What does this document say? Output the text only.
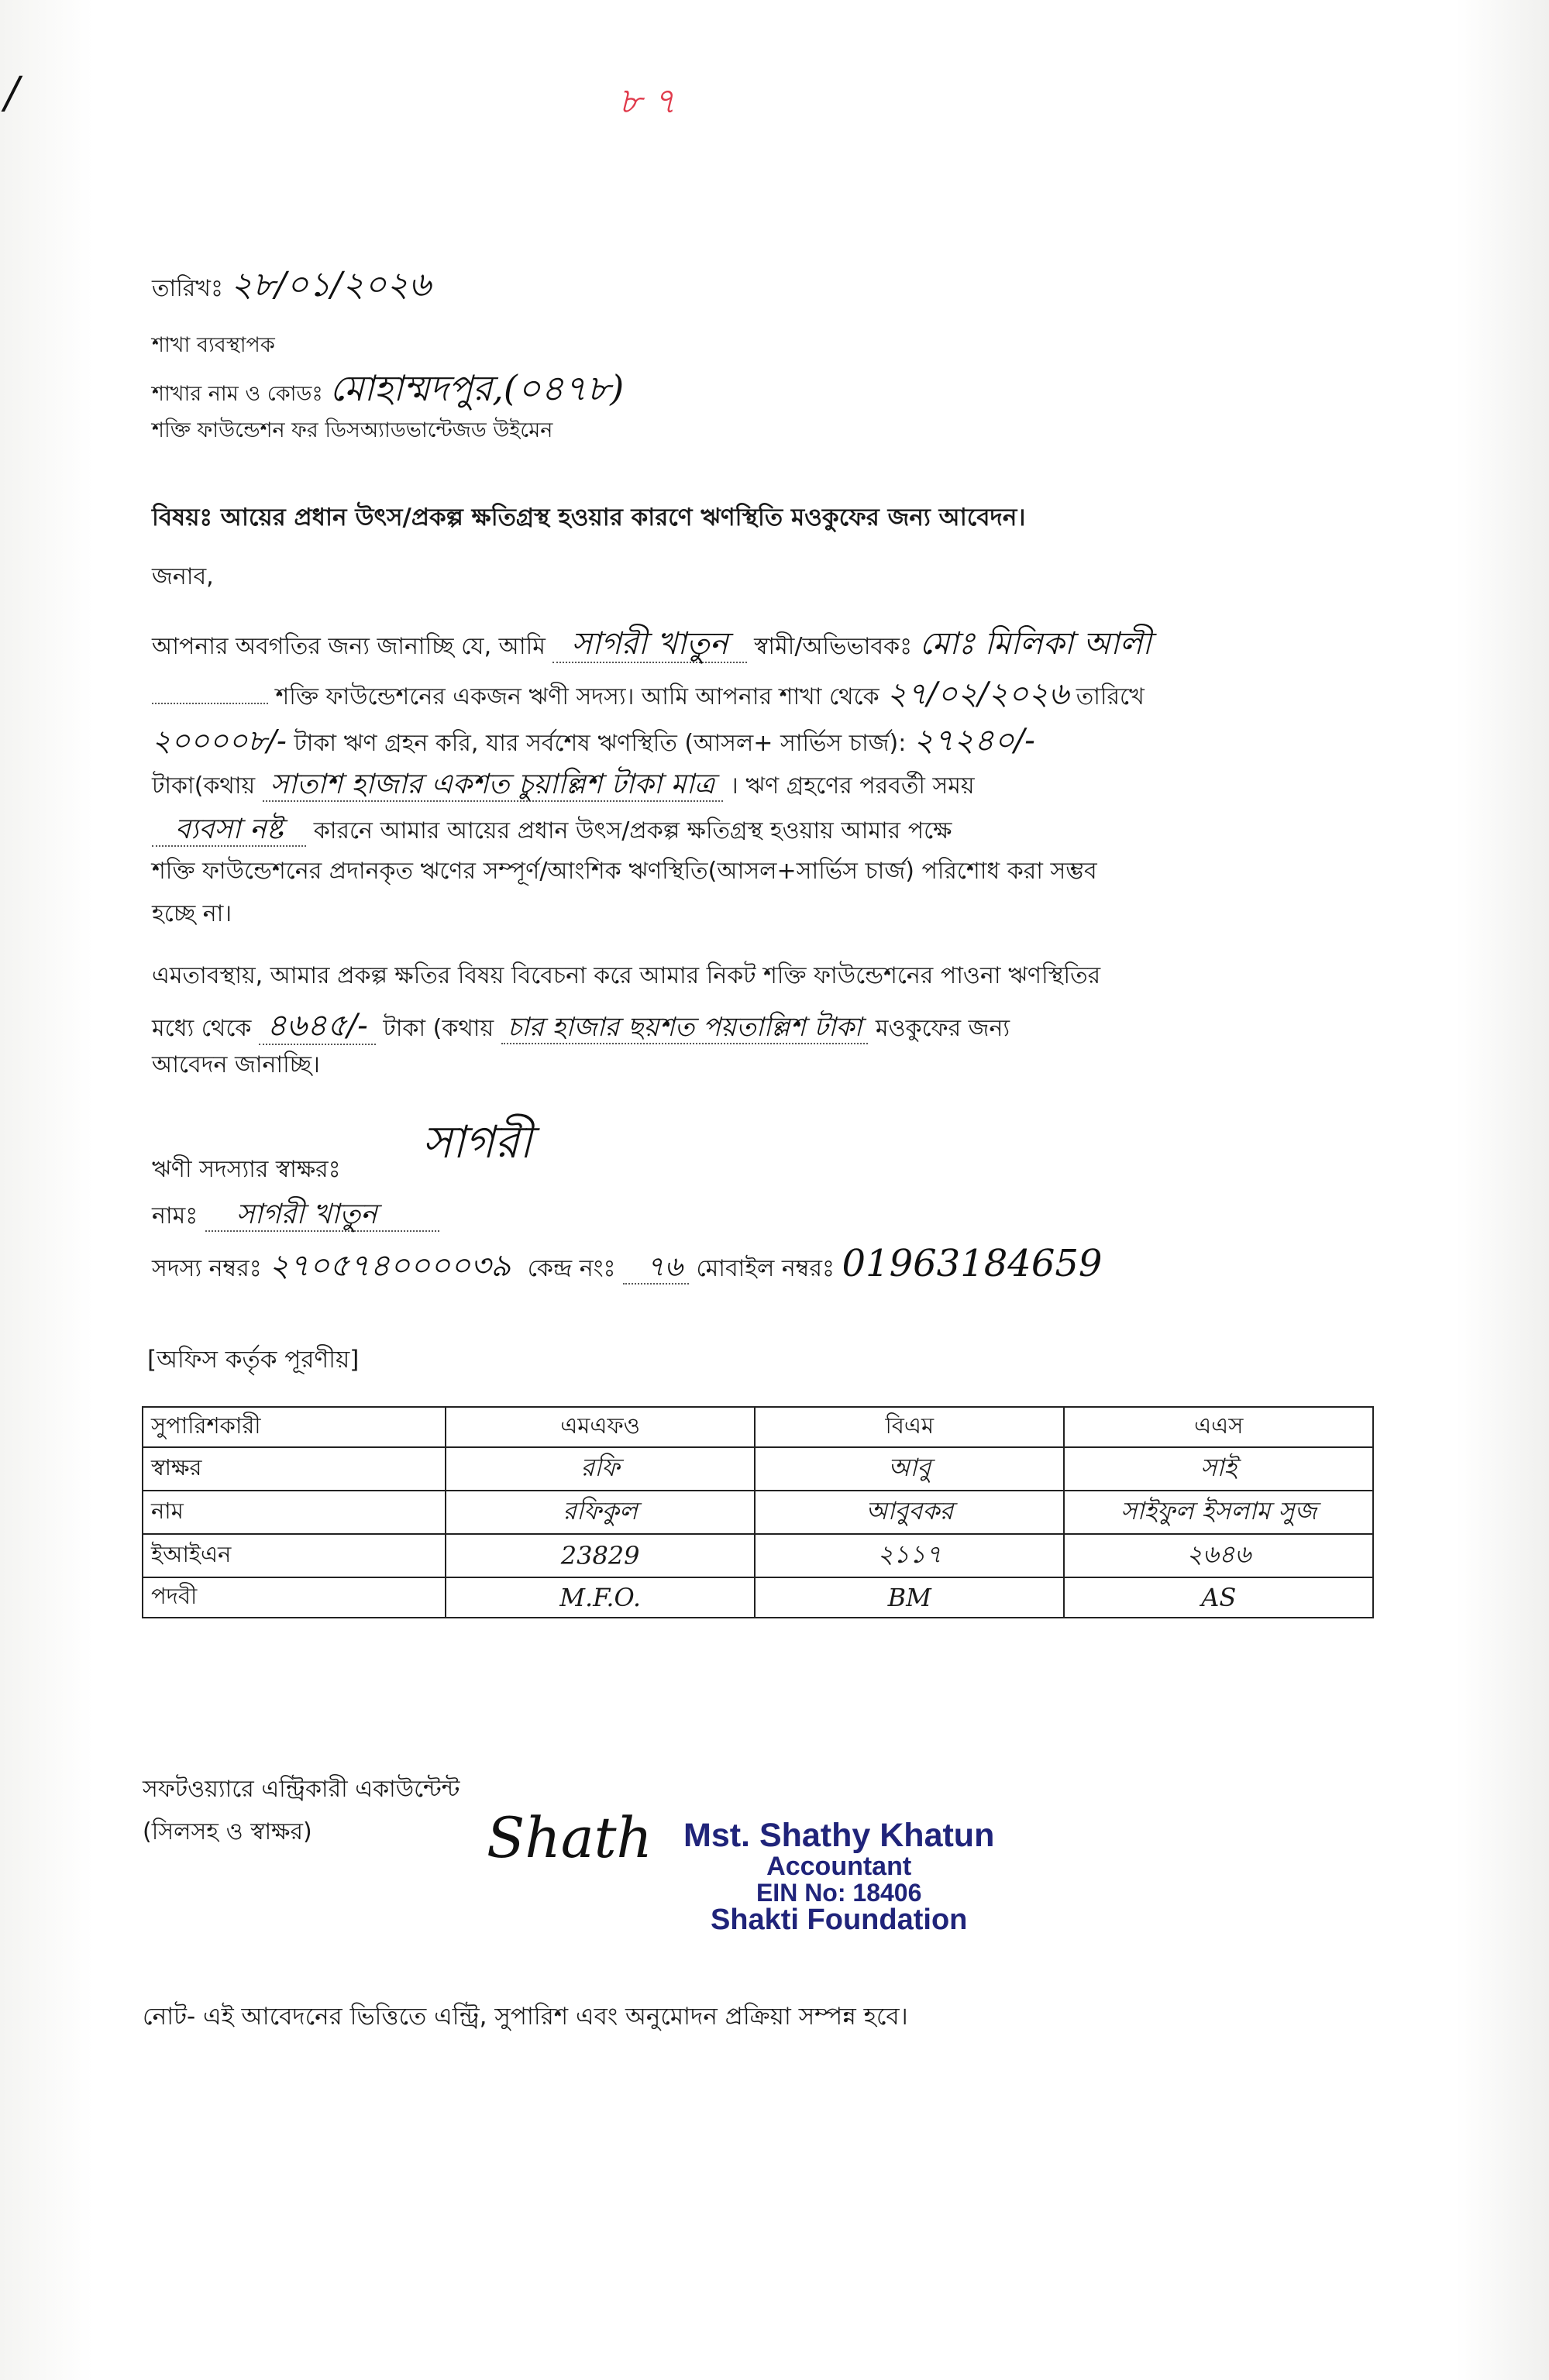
/	৮ ৭
তারিখঃ ২৮/০১/২০২৬
শাখা ব্যবস্থাপক
শাখার নাম ও কোডঃ মোহাম্মদপুর,(০৪৭৮)
শক্তি ফাউন্ডেশন ফর ডিসঅ্যাডভান্টেজড উইমেন
বিষয়ঃ আয়ের প্রধান উৎস/প্রকল্প ক্ষতিগ্রস্থ হওয়ার কারণে ঋণস্থিতি মওকুফের জন্য আবেদন।
জনাব,
আপনার অবগতির জন্য জানাচ্ছি যে, আমি সাগরী খাতুন স্বামী/অভিভাবকঃ মোঃ মিলিকা আলী
শক্তি ফাউন্ডেশনের একজন ঋণী সদস্য। আমি আপনার শাখা থেকে ২৭/০২/২০২৬ তারিখে
২০০০০৮/- টাকা ঋণ গ্রহন করি, যার সর্বশেষ ঋণস্থিতি (আসল+ সার্ভিস চার্জ): ২৭২৪০/-
টাকা(কথায় সাতাশ হাজার একশত চুয়াল্লিশ টাকা মাত্র । ঋণ গ্রহণের পরবর্তী সময়
ব্যবসা নষ্ট কারনে আমার আয়ের প্রধান উৎস/প্রকল্প ক্ষতিগ্রস্থ হওয়ায় আমার পক্ষে
শক্তি ফাউন্ডেশনের প্রদানকৃত ঋণের সম্পূর্ণ/আংশিক ঋণস্থিতি(আসল+সার্ভিস চার্জ) পরিশোধ করা সম্ভব
হচ্ছে না।
এমতাবস্থায়, আমার প্রকল্প ক্ষতির বিষয় বিবেচনা করে আমার নিকট শক্তি ফাউন্ডেশনের পাওনা ঋণস্থিতির
মধ্যে থেকে ৪৬৪৫/- টাকা (কথায় চার হাজার ছয়শত পয়তাল্লিশ টাকা মওকুফের জন্য
আবেদন জানাচ্ছি।
সাগরী
ঋণী সদস্যার স্বাক্ষরঃ
নামঃ সাগরী খাতুন
সদস্য নম্বরঃ ২৭০৫৭৪০০০০৩৯ কেন্দ্র নংঃ ৭৬ মোবাইল নম্বরঃ 01963184659
[অফিস কর্তৃক পূরণীয়]
সুপারিশকারী	এমএফও	বিএম	এএস
স্বাক্ষর	রফি	আবু	সাই
নাম	রফিকুল	আবুবকর	সাইফুল ইসলাম সুজ
ইআইএন	23829	২১১৭	২৬৪৬
পদবী	M.F.O.	BM	AS
সফটওয়্যারে এন্ট্রিকারী একাউন্টেন্ট
(সিলসহ ও স্বাক্ষর)	Shath Mst. Shathy Khatun
Accountant
EIN No: 18406
Shakti Foundation
নোট- এই আবেদনের ভিত্তিতে এন্ট্রি, সুপারিশ এবং অনুমোদন প্রক্রিয়া সম্পন্ন হবে।
